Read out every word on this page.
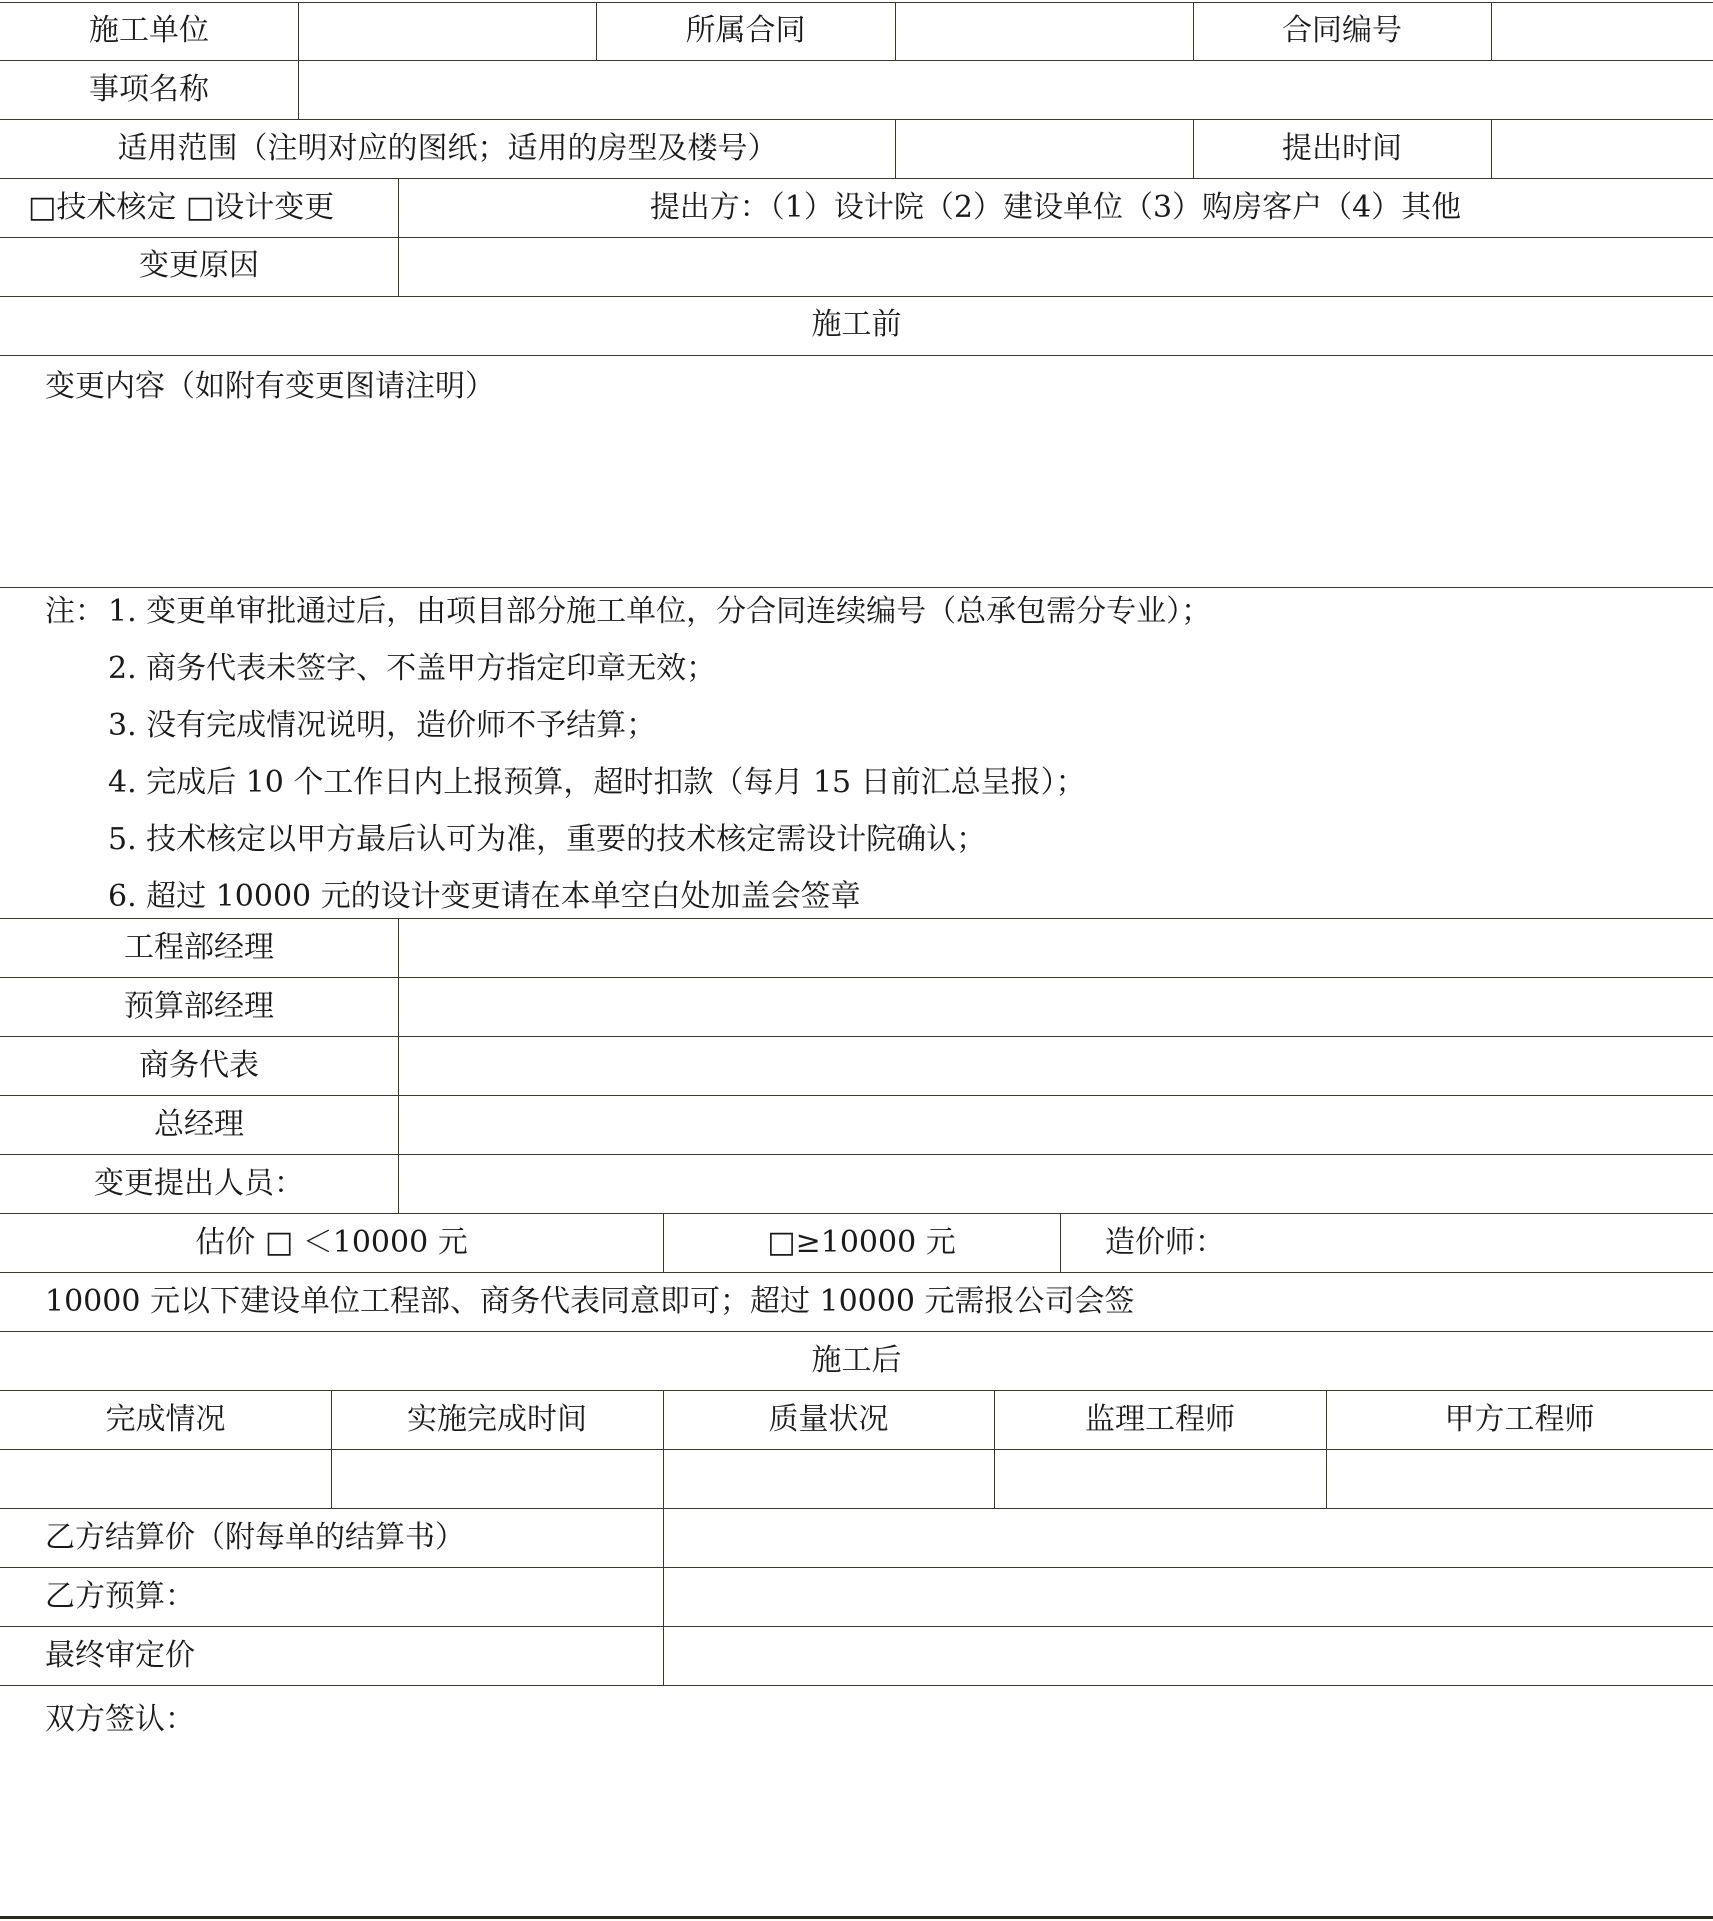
施工单位	所属合同	合同编号
事项名称
适用范围（注明对应的图纸；适用的房型及楼号）	提出时间
□技术核定 □设计变更	提出方：（1）设计院（2）建设单位（3）购房客户（4）其他
变更原因
施工前
变更内容（如附有变更图请注明）
注： 1. 变更单审批通过后，由项目部分施工单位，分合同连续编号（总承包需分专业）；
2. 商务代表未签字、不盖甲方指定印章无效；
3. 没有完成情况说明，造价师不予结算；
4. 完成后 10 个工作日内上报预算，超时扣款（每月 15 日前汇总呈报）；
5. 技术核定以甲方最后认可为准，重要的技术核定需设计院确认；
6. 超过 10000 元的设计变更请在本单空白处加盖会签章
工程部经理
预算部经理
商务代表
总经理
变更提出人员：
估价 □ ＜10000 元	□≥10000 元	造价师：
10000 元以下建设单位工程部、商务代表同意即可；超过 10000 元需报公司会签
施工后
完成情况	实施完成时间	质量状况	监理工程师	甲方工程师
乙方结算价（附每单的结算书）
乙方预算：
最终审定价
双方签认：
